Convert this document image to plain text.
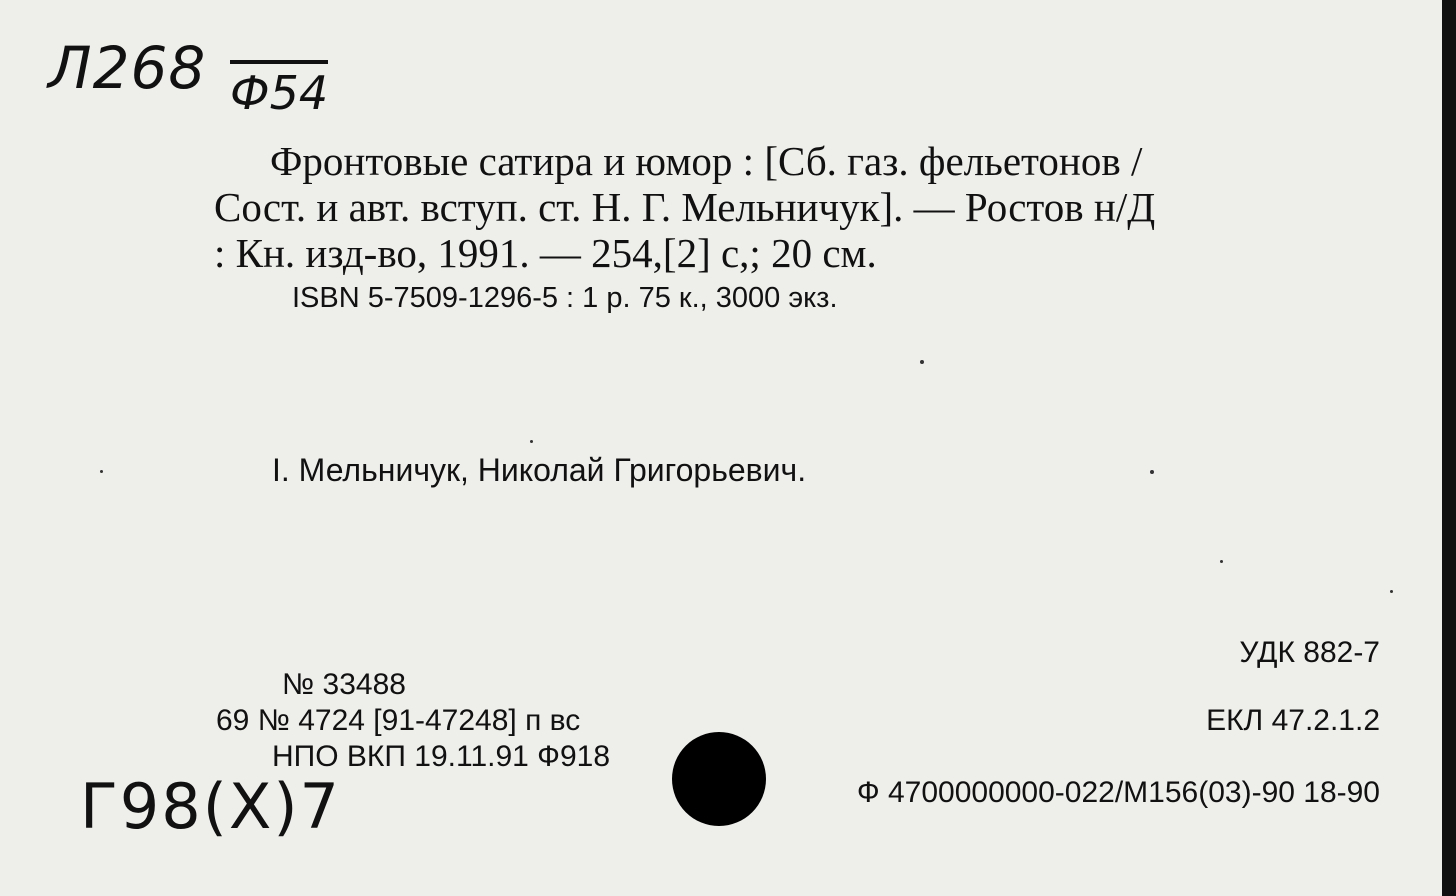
Л268 Ф54
Фронтовые сатира и юмор : [Сб. газ. фельетонов /
Сост. и авт. вступ. ст. Н. Г. Мельничук]. — Ростов н/Д
: Кн. изд-во, 1991. — 254,[2] с,; 20 см.
ISBN 5-7509-1296-5 : 1 р. 75 к., 3000 экз.
I. Мельничук, Николай Григорьевич.
№ 33488
69 № 4724 [91-47248] п вс
НПО ВКП 19.11.91 Ф918
УДК 882-7
ЕКЛ 47.2.1.2
Ф 4700000000-022/М156(03)-90 18-90
Г98(Х)7
